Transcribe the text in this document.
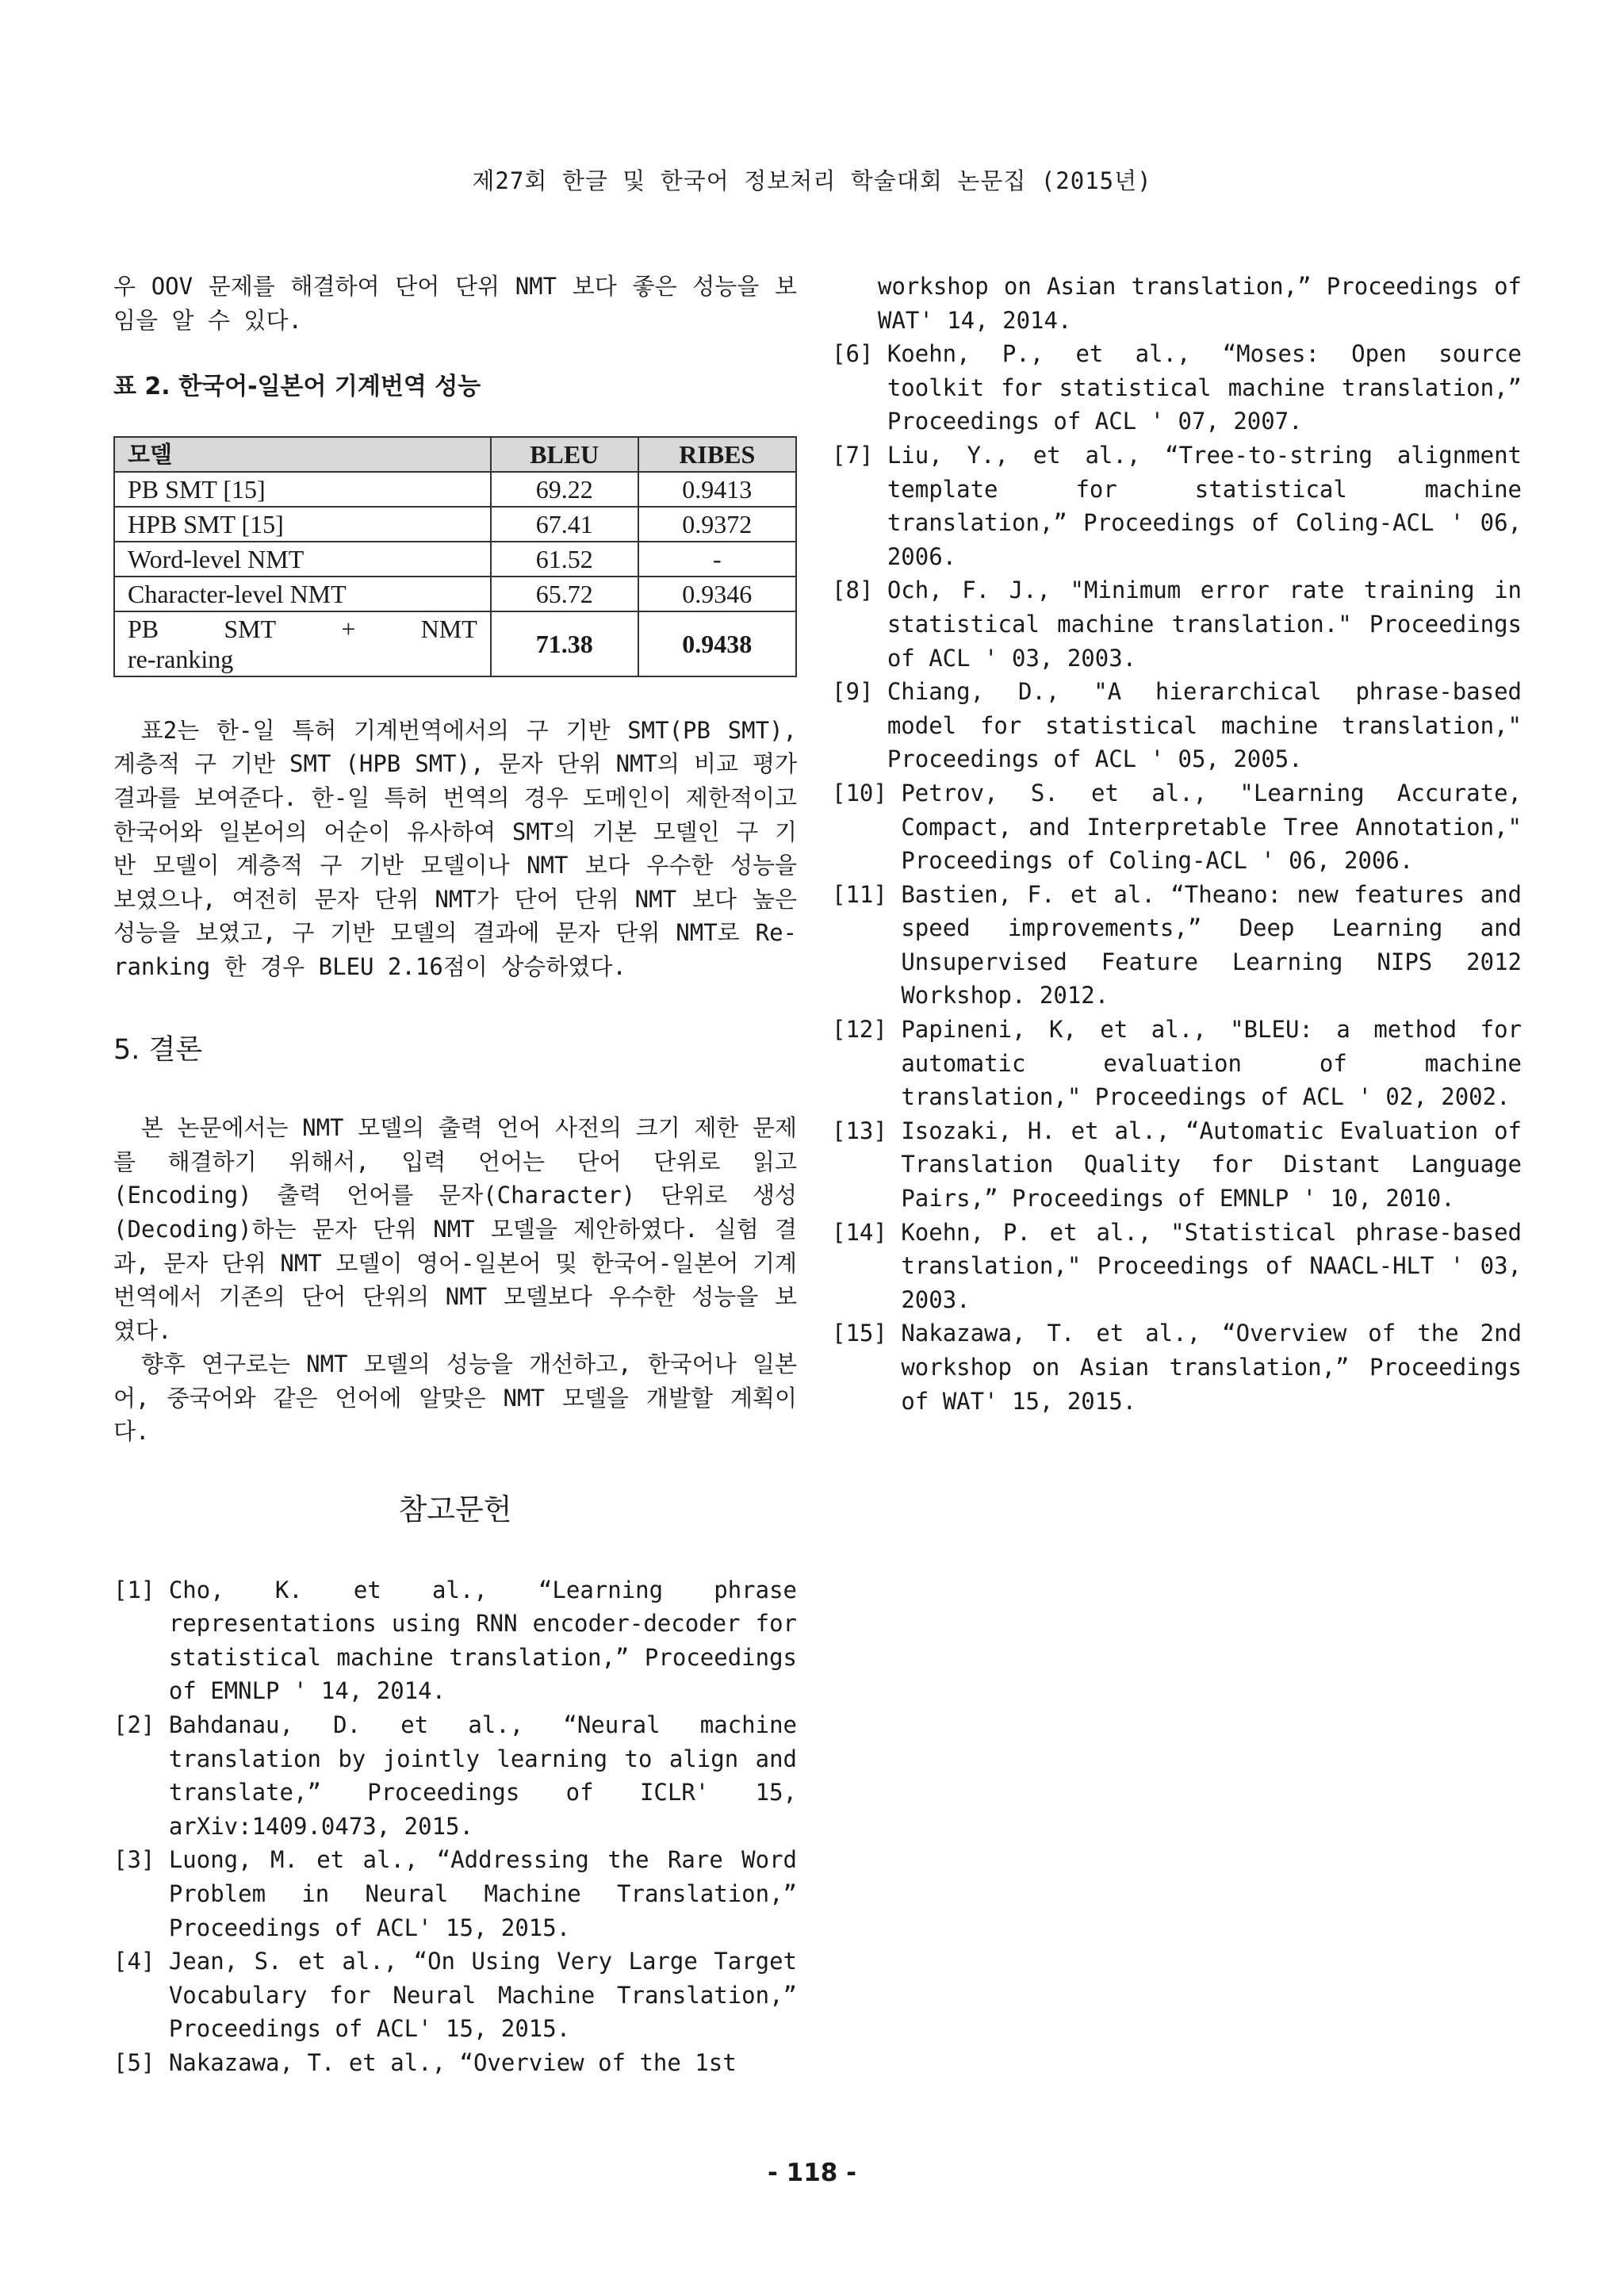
제27회 한글 및 한국어 정보처리 학술대회 논문집 (2015년)

우 OOV 문제를 해결하여 단어 단위 NMT 보다 좋은 성능을 보임을 알 수 있다.

표 2. 한국어-일본어 기계번역 성능
모델	BLEU	RIBES
PB SMT [15]	69.22	0.9413
HPB SMT [15]	67.41	0.9372
Word-level NMT	61.52	-
Character-level NMT	65.72	0.9346

PB SMT + NMT
re-ranking	71.38	0.9438

표2는 한-일 특허 기계번역에서의 구 기반 SMT(PB SMT), 계층적 구 기반 SMT (HPB SMT), 문자 단위 NMT의 비교 평가 결과를 보여준다. 한-일 특허 번역의 경우 도메인이 제한적이고 한국어와 일본어의 어순이 유사하여 SMT의 기본 모델인 구 기반 모델이 계층적 구 기반 모델이나 NMT 보다 우수한 성능을 보였으나, 여전히 문자 단위 NMT가 단어 단위 NMT 보다 높은 성능을 보였고, 구 기반 모델의 결과에 문자 단위 NMT로 Re-ranking 한 경우 BLEU 2.16점이 상승하였다.

5. 결론

본 논문에서는 NMT 모델의 출력 언어 사전의 크기 제한 문제를 해결하기 위해서, 입력 언어는 단어 단위로 읽고(Encoding) 출력 언어를 문자(Character) 단위로 생성(Decoding)하는 문자 단위 NMT 모델을 제안하였다. 실험 결과, 문자 단위 NMT 모델이 영어-일본어 및 한국어-일본어 기계번역에서 기존의 단어 단위의 NMT 모델보다 우수한 성능을 보였다.

향후 연구로는 NMT 모델의 성능을 개선하고, 한국어나 일본어, 중국어와 같은 언어에 알맞은 NMT 모델을 개발할 계획이다.

참고문헌
[1] Cho, K. et al., “Learning phrase representations using RNN encoder-decoder for statistical machine translation,” Proceedings of EMNLP ' 14, 2014.
[2] Bahdanau, D. et al., “Neural machine translation by jointly learning to align and translate,” Proceedings of ICLR' 15, arXiv:1409.0473, 2015.
[3] Luong, M. et al., “Addressing the Rare Word Problem in Neural Machine Translation,” Proceedings of ACL' 15, 2015.
[4] Jean, S. et al., “On Using Very Large Target Vocabulary for Neural Machine Translation,” Proceedings of ACL' 15, 2015.
[5] Nakazawa, T. et al., “Overview of the 1st

workshop on Asian translation,” Proceedings of WAT' 14, 2014.

[6] Koehn, P., et al., “Moses: Open source toolkit for statistical machine translation,” Proceedings of ACL ' 07, 2007.
[7] Liu, Y., et al., “Tree-to-string alignment template for statistical machine translation,” Proceedings of Coling-ACL ' 06, 2006.
[8] Och, F. J., "Minimum error rate training in statistical machine translation." Proceedings of ACL ' 03, 2003.
[9] Chiang, D., "A hierarchical phrase-based model for statistical machine translation," Proceedings of ACL ' 05, 2005.
[10] Petrov, S. et al., "Learning Accurate, Compact, and Interpretable Tree Annotation," Proceedings of Coling-ACL ' 06, 2006.
[11] Bastien, F. et al. “Theano: new features and speed improvements,” Deep Learning and Unsupervised Feature Learning NIPS 2012 Workshop. 2012.
[12] Papineni, K, et al., "BLEU: a method for automatic evaluation of machine translation," Proceedings of ACL ' 02, 2002.
[13] Isozaki, H. et al., “Automatic Evaluation of Translation Quality for Distant Language Pairs,” Proceedings of EMNLP ' 10, 2010.
[14] Koehn, P. et al., "Statistical phrase-based translation," Proceedings of NAACL-HLT ' 03, 2003.
[15] Nakazawa, T. et al., “Overview of the 2nd workshop on Asian translation,” Proceedings of WAT' 15, 2015.
- 118 -
